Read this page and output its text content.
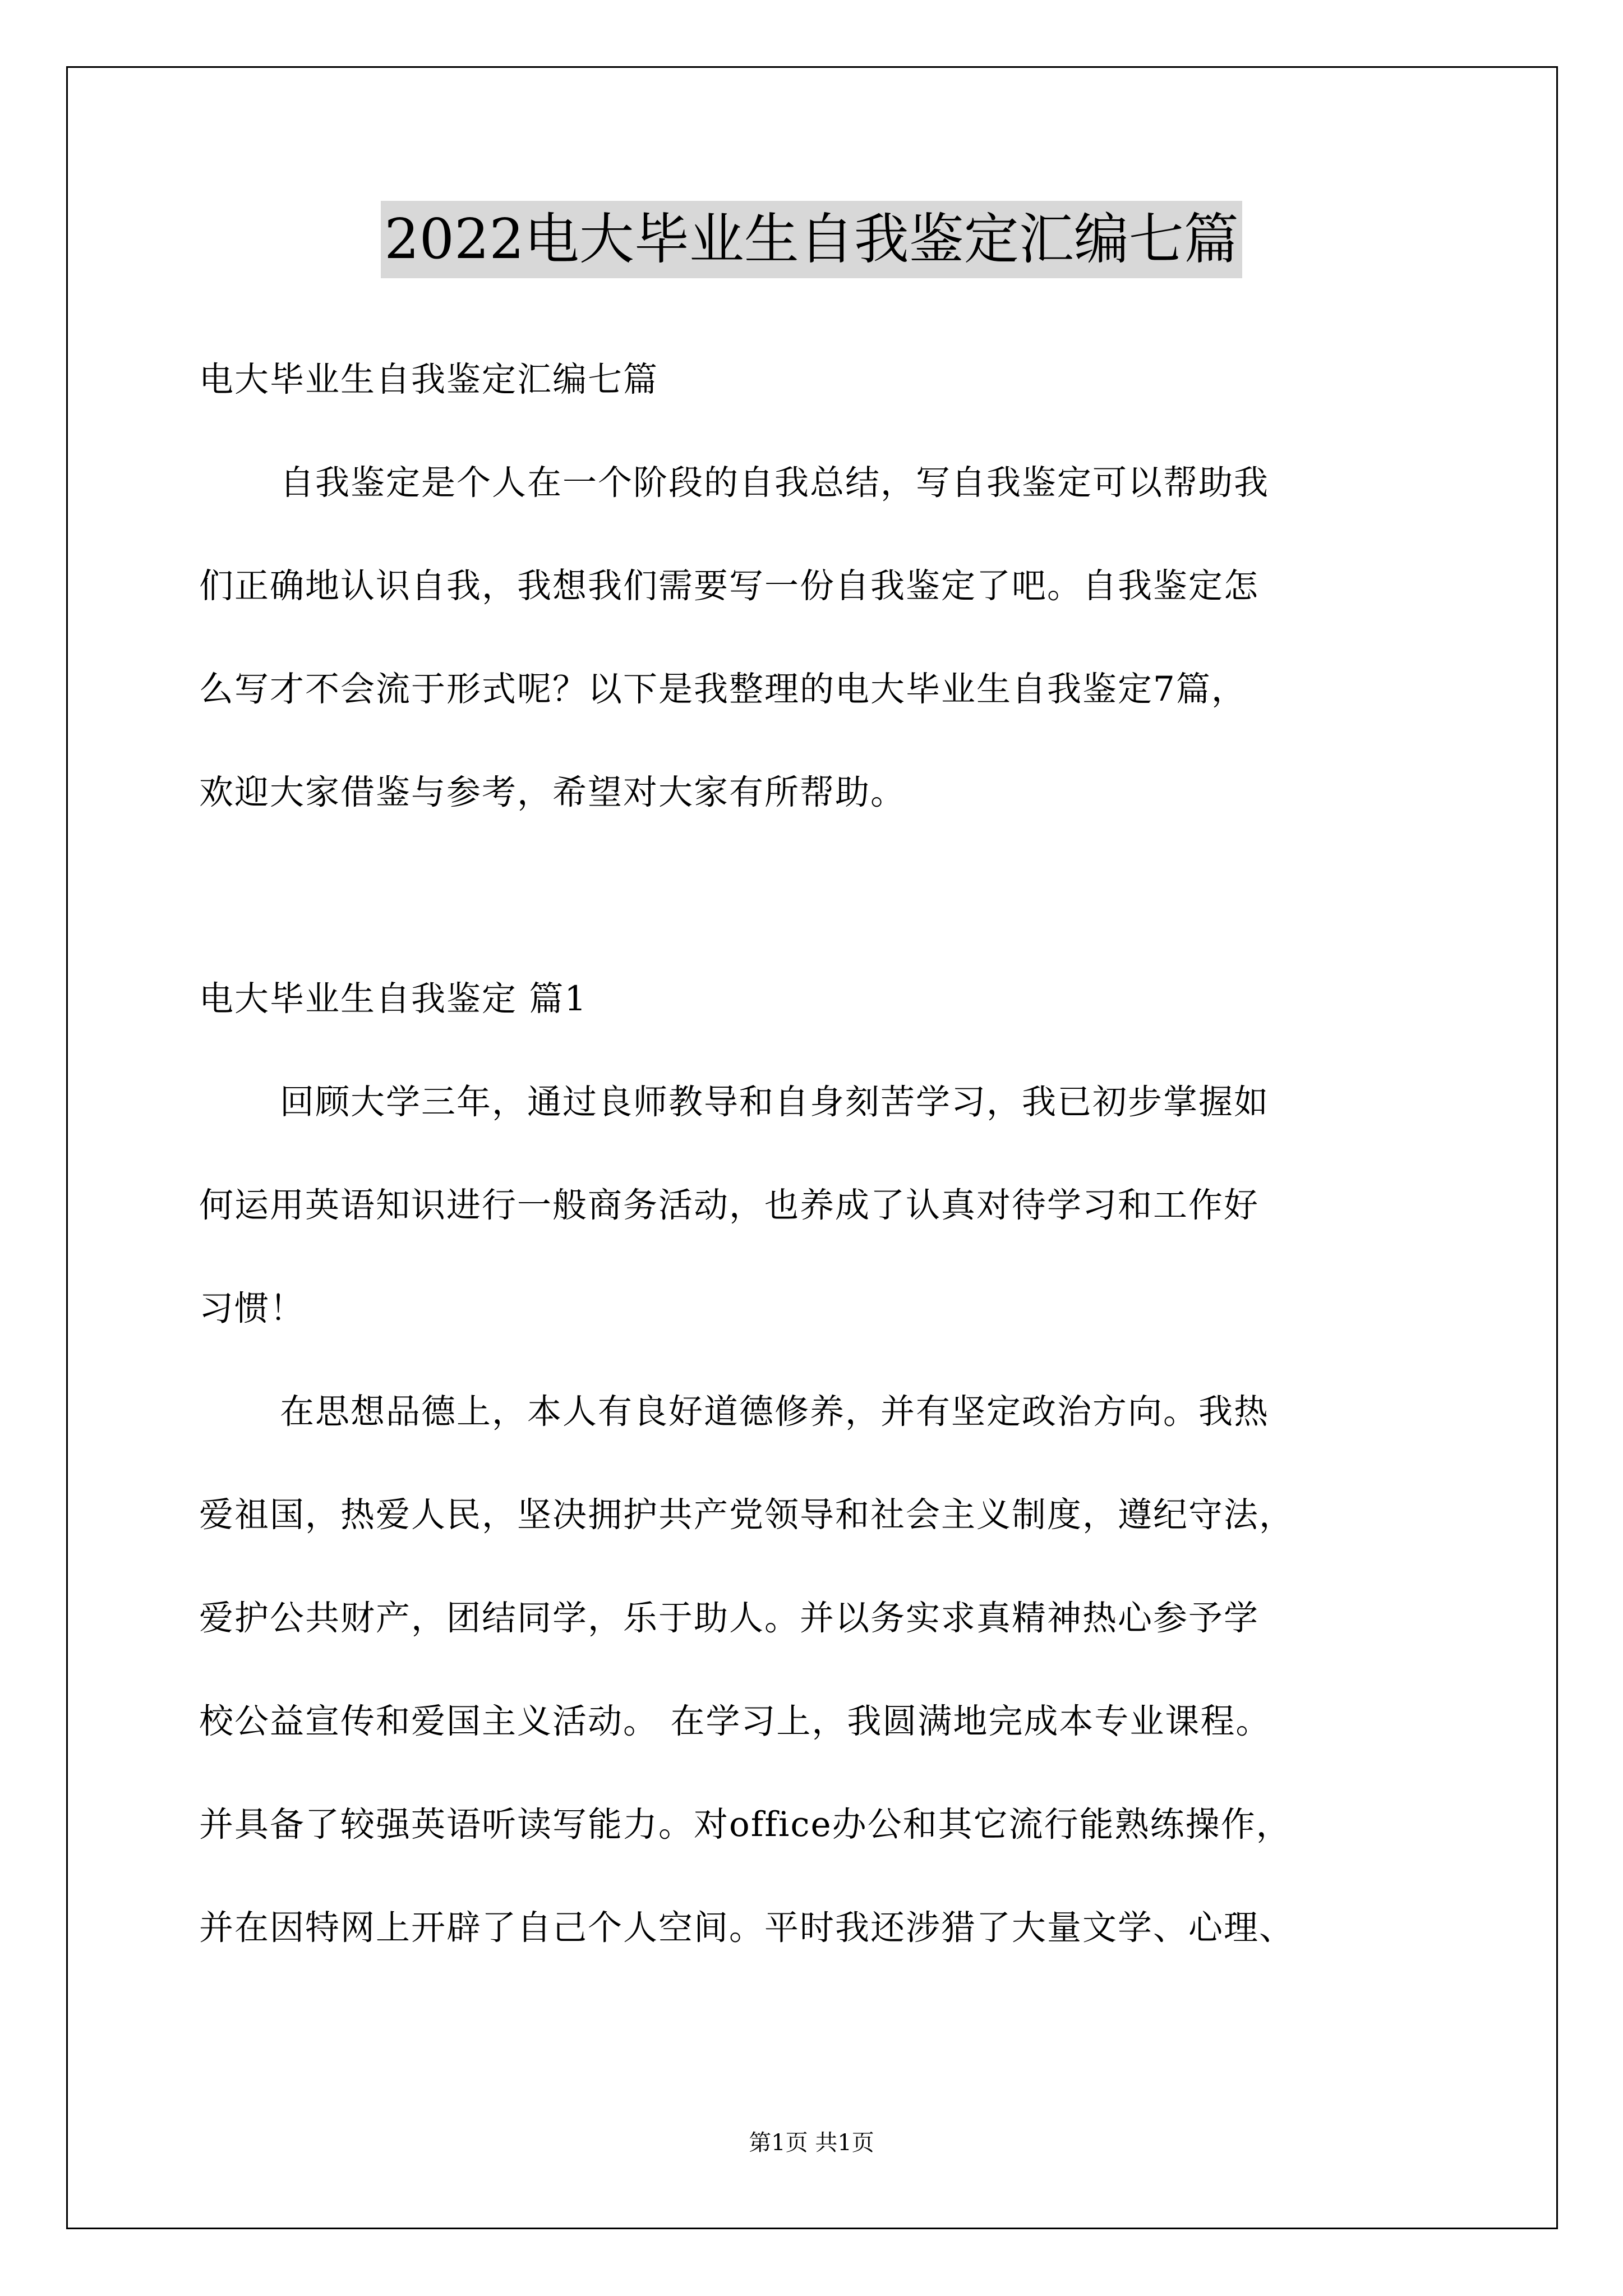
2022电大毕业生自我鉴定汇编七篇
电大毕业生自我鉴定汇编七篇
自我鉴定是个人在一个阶段的自我总结，写自我鉴定可以帮助我
们正确地认识自我，我想我们需要写一份自我鉴定了吧。自我鉴定怎
么写才不会流于形式呢？以下是我整理的电大毕业生自我鉴定7篇，
欢迎大家借鉴与参考，希望对大家有所帮助。
电大毕业生自我鉴定 篇1
回顾大学三年，通过良师教导和自身刻苦学习，我已初步掌握如
何运用英语知识进行一般商务活动，也养成了认真对待学习和工作好
习惯！
在思想品德上，本人有良好道德修养，并有坚定政治方向。我热
爱祖国，热爱人民，坚决拥护共产党领导和社会主义制度，遵纪守法，
爱护公共财产，团结同学，乐于助人。并以务实求真精神热心参予学
校公益宣传和爱国主义活动。 在学习上，我圆满地完成本专业课程。
并具备了较强英语听读写能力。对office办公和其它流行能熟练操作，
并在因特网上开辟了自己个人空间。平时我还涉猎了大量文学、心理、
第1页 共1页
